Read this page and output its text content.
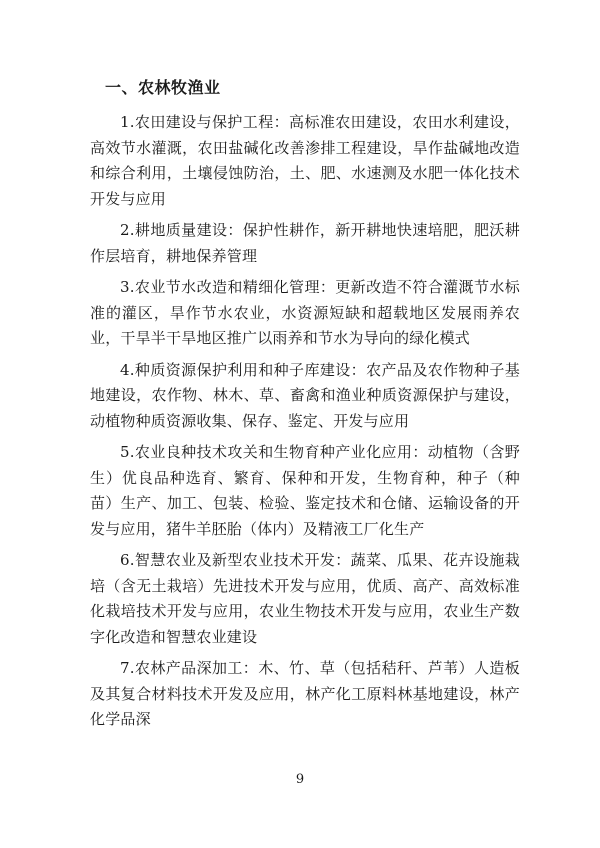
一、农林牧渔业

1.农田建设与保护工程：高标准农田建设，农田水利建设，高效节水灌溉，农田盐碱化改善渗排工程建设，旱作盐碱地改造和综合利用，土壤侵蚀防治，土、肥、水速测及水肥一体化技术开发与应用

2.耕地质量建设：保护性耕作，新开耕地快速培肥，肥沃耕作层培育，耕地保养管理

3.农业节水改造和精细化管理：更新改造不符合灌溉节水标准的灌区，旱作节水农业，水资源短缺和超载地区发展雨养农业，干旱半干旱地区推广以雨养和节水为导向的绿化模式

4.种质资源保护利用和种子库建设：农产品及农作物种子基地建设，农作物、林木、草、畜禽和渔业种质资源保护与建设，动植物种质资源收集、保存、鉴定、开发与应用

5.农业良种技术攻关和生物育种产业化应用：动植物（含野生）优良品种选育、繁育、保种和开发，生物育种，种子（种苗）生产、加工、包装、检验、鉴定技术和仓储、运输设备的开发与应用，猪牛羊胚胎（体内）及精液工厂化生产

6.智慧农业及新型农业技术开发：蔬菜、瓜果、花卉设施栽培（含无土栽培）先进技术开发与应用，优质、高产、高效标准化栽培技术开发与应用，农业生物技术开发与应用，农业生产数字化改造和智慧农业建设

7.农林产品深加工：木、竹、草（包括秸秆、芦苇）人造板及其复合材料技术开发及应用，林产化工原料林基地建设，林产化学品深

9
